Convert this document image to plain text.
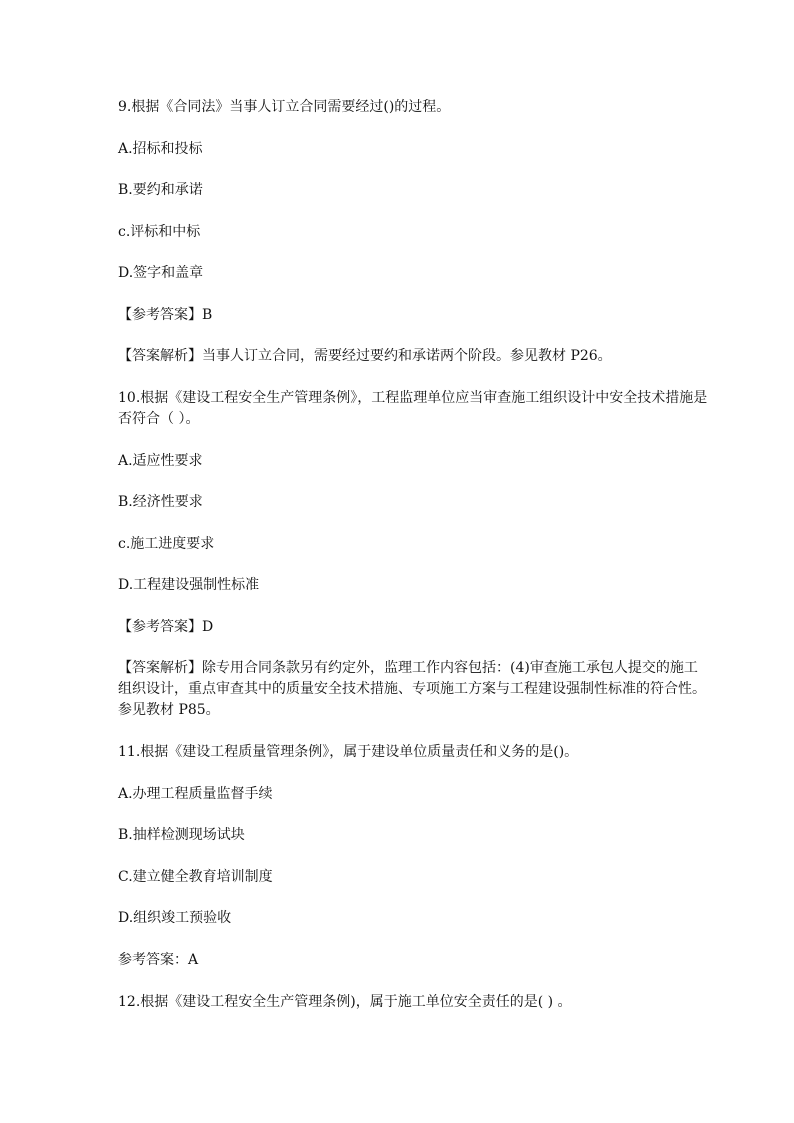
9.根据《合同法》当事人订立合同需要经过()的过程。
A.招标和投标
B.要约和承诺
c.评标和中标
D.签字和盖章
【参考答案】B
【答案解析】当事人订立合同，需要经过要约和承诺两个阶段。参见教材 P26。
10.根据《建设工程安全生产管理条例》，工程监理单位应当审查施工组织设计中安全技术措施是否符合（ ）。
A.适应性要求
B.经济性要求
c.施工进度要求
D.工程建设强制性标准
【参考答案】D
【答案解析】除专用合同条款另有约定外，监理工作内容包括：(4)审查施工承包人提交的施工组织设计，重点审查其中的质量安全技术措施、专项施工方案与工程建设强制性标准的符合性。参见教材 P85。
11.根据《建设工程质量管理条例》，属于建设单位质量责任和义务的是()。
A.办理工程质量监督手续
B.抽样检测现场试块
C.建立健全教育培训制度
D.组织竣工预验收
参考答案：A
12.根据《建设工程安全生产管理条例)，属于施工单位安全责任的是( ) 。
